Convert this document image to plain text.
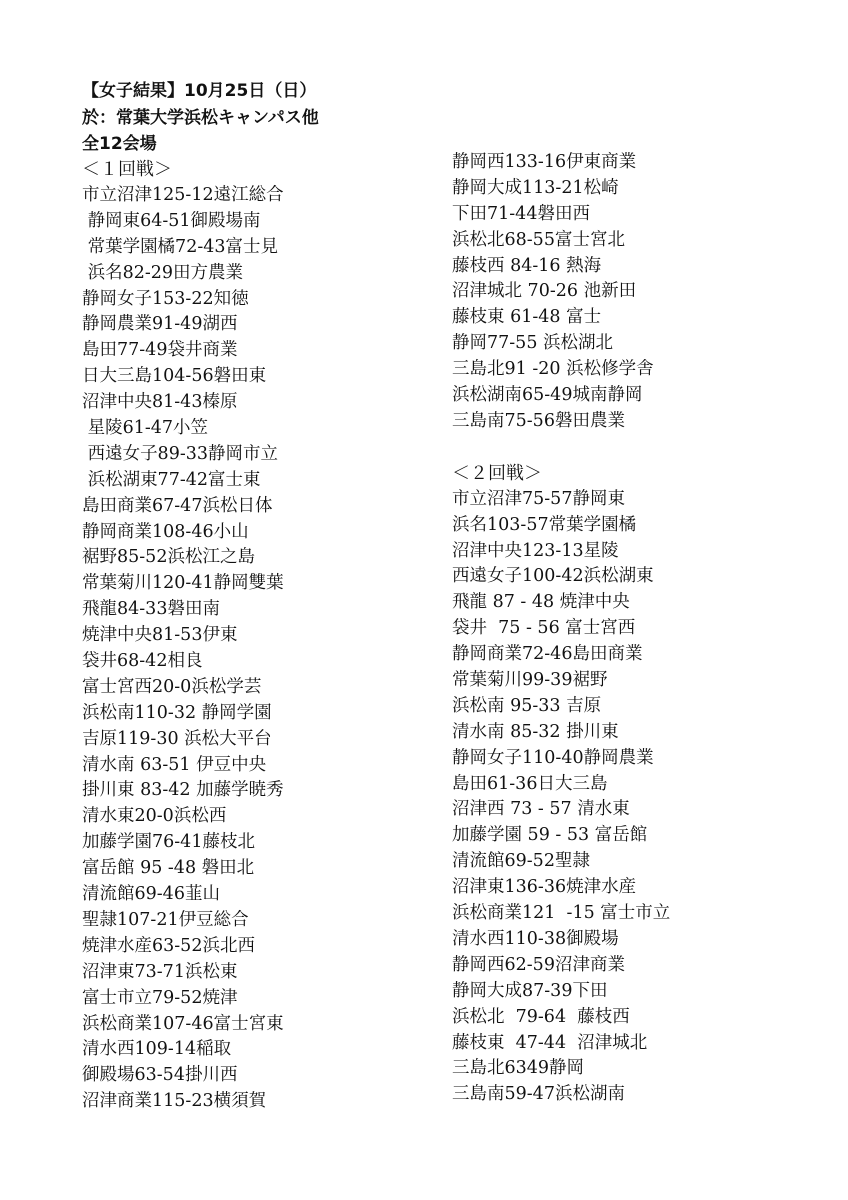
【女子結果】10月25日（日）
於：常葉大学浜松キャンパス他
全12会場
＜１回戦＞
市立沼津125-12遠江総合
静岡東64-51御殿場南
常葉学園橘72-43富士見
浜名82-29田方農業
静岡女子153-22知徳
静岡農業91-49湖西
島田77-49袋井商業
日大三島104-56磐田東
沼津中央81-43榛原
星陵61-47小笠
西遠女子89-33静岡市立
浜松湖東77-42富士東
島田商業67-47浜松日体
静岡商業108-46小山
裾野85-52浜松江之島
常葉菊川120-41静岡雙葉
飛龍84-33磐田南
焼津中央81-53伊東
袋井68-42相良
富士宮西20-0浜松学芸
浜松南110-32 静岡学園
吉原119-30 浜松大平台
清水南 63-51 伊豆中央
掛川東 83-42 加藤学暁秀
清水東20-0浜松西
加藤学園76-41藤枝北
富岳館 95 -48 磐田北
清流館69-46韮山
聖隷107-21伊豆総合
焼津水産63-52浜北西
沼津東73-71浜松東
富士市立79-52焼津
浜松商業107-46富士宮東
清水西109-14稲取
御殿場63-54掛川西
沼津商業115-23横須賀
静岡西133-16伊東商業
静岡大成113-21松崎
下田71-44磐田西
浜松北68-55富士宮北
藤枝西 84-16 熱海
沼津城北 70-26 池新田
藤枝東 61-48 富士
静岡77-55 浜松湖北
三島北91 -20 浜松修学舎
浜松湖南65-49城南静岡
三島南75-56磐田農業
＜２回戦＞
市立沼津75-57静岡東
浜名103-57常葉学園橘
沼津中央123-13星陵
西遠女子100-42浜松湖東
飛龍 87 - 48 焼津中央
袋井  75 - 56 富士宮西
静岡商業72-46島田商業
常葉菊川99-39裾野
浜松南 95-33 吉原
清水南 85-32 掛川東
静岡女子110-40静岡農業
島田61-36日大三島
沼津西 73 - 57 清水東
加藤学園 59 - 53 富岳館
清流館69-52聖隷
沼津東136-36焼津水産
浜松商業121  -15 富士市立
清水西110-38御殿場
静岡西62-59沼津商業
静岡大成87-39下田
浜松北  79-64  藤枝西
藤枝東  47-44  沼津城北
三島北6349静岡
三島南59-47浜松湖南
